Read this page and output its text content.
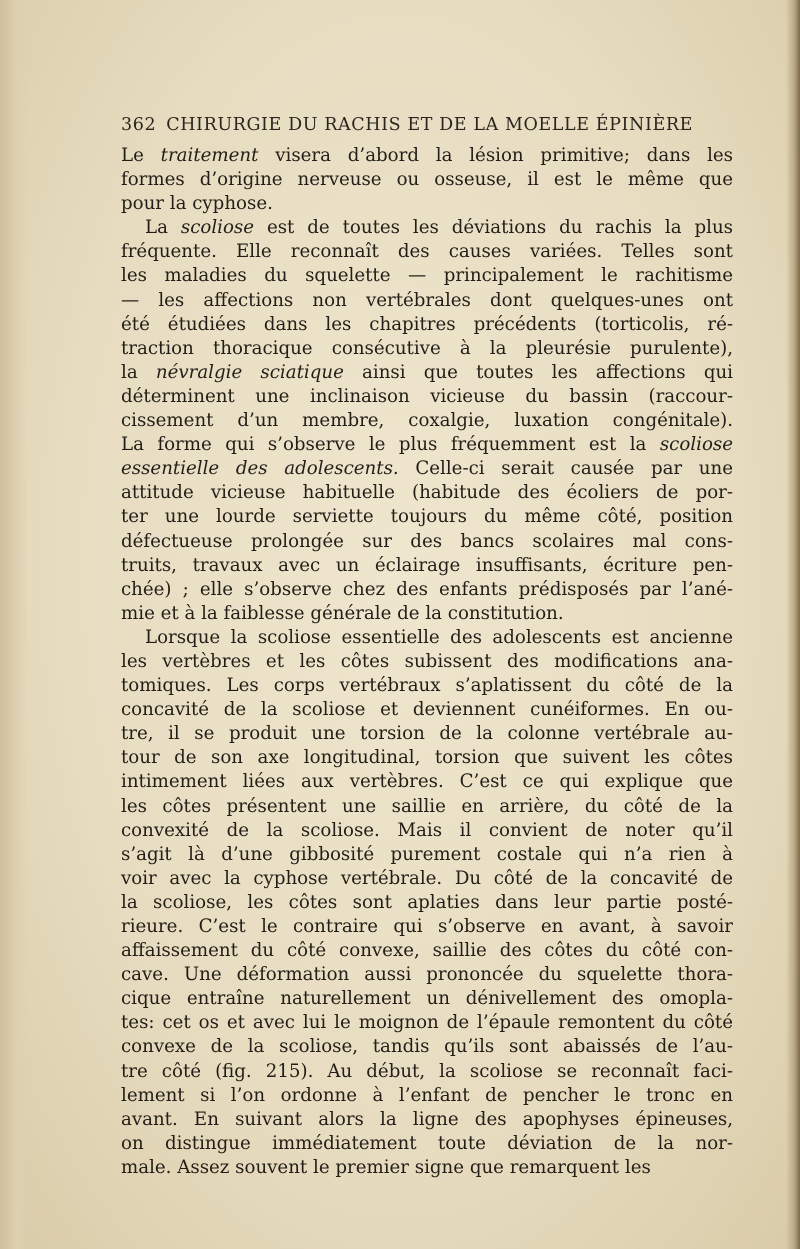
362 CHIRURGIE DU RACHIS ET DE LA MOELLE ÉPINIÈRE
Le traitement visera d’abord la lésion primitive; dans les
formes d’origine nerveuse ou osseuse, il est le même que
pour la cyphose.
La scoliose est de toutes les déviations du rachis la plus
fréquente. Elle reconnaît des causes variées. Telles sont
les maladies du squelette — principalement le rachitisme
— les affections non vertébrales dont quelques-unes ont
été étudiées dans les chapitres précédents (torticolis, ré-
traction thoracique consécutive à la pleurésie purulente),
la névralgie sciatique ainsi que toutes les affections qui
déterminent une inclinaison vicieuse du bassin (raccour-
cissement d’un membre, coxalgie, luxation congénitale).
La forme qui s’observe le plus fréquemment est la scoliose
essentielle des adolescents. Celle-ci serait causée par une
attitude vicieuse habituelle (habitude des écoliers de por-
ter une lourde serviette toujours du même côté, position
défectueuse prolongée sur des bancs scolaires mal cons-
truits, travaux avec un éclairage insuffisants, écriture pen-
chée) ; elle s’observe chez des enfants prédisposés par l’ané-
mie et à la faiblesse générale de la constitution.
Lorsque la scoliose essentielle des adolescents est ancienne
les vertèbres et les côtes subissent des modifications ana-
tomiques. Les corps vertébraux s’aplatissent du côté de la
concavité de la scoliose et deviennent cunéiformes. En ou-
tre, il se produit une torsion de la colonne vertébrale au-
tour de son axe longitudinal, torsion que suivent les côtes
intimement liées aux vertèbres. C’est ce qui explique que
les côtes présentent une saillie en arrière, du côté de la
convexité de la scoliose. Mais il convient de noter qu’il
s’agit là d’une gibbosité purement costale qui n’a rien à
voir avec la cyphose vertébrale. Du côté de la concavité de
la scoliose, les côtes sont aplaties dans leur partie posté-
rieure. C’est le contraire qui s’observe en avant, à savoir
affaissement du côté convexe, saillie des côtes du côté con-
cave. Une déformation aussi prononcée du squelette thora-
cique entraîne naturellement un dénivellement des omopla-
tes: cet os et avec lui le moignon de l’épaule remontent du côté
convexe de la scoliose, tandis qu’ils sont abaissés de l’au-
tre côté (fig. 215). Au début, la scoliose se reconnaît faci-
lement si l’on ordonne à l’enfant de pencher le tronc en
avant. En suivant alors la ligne des apophyses épineuses,
on distingue immédiatement toute déviation de la nor-
male. Assez souvent le premier signe que remarquent les
